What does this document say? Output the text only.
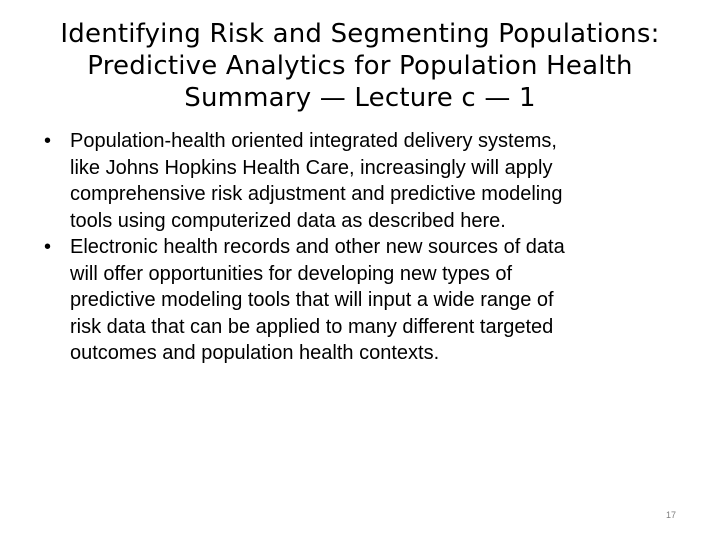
Identifying Risk and Segmenting Populations:
Predictive Analytics for Population Health
Summary — Lecture c — 1
• Population-health oriented integrated delivery systems,
like Johns Hopkins Health Care, increasingly will apply
comprehensive risk adjustment and predictive modeling
tools using computerized data as described here.
• Electronic health records and other new sources of data
will offer opportunities for developing new types of
predictive modeling tools that will input a wide range of
risk data that can be applied to many different targeted
outcomes and population health contexts.
17
